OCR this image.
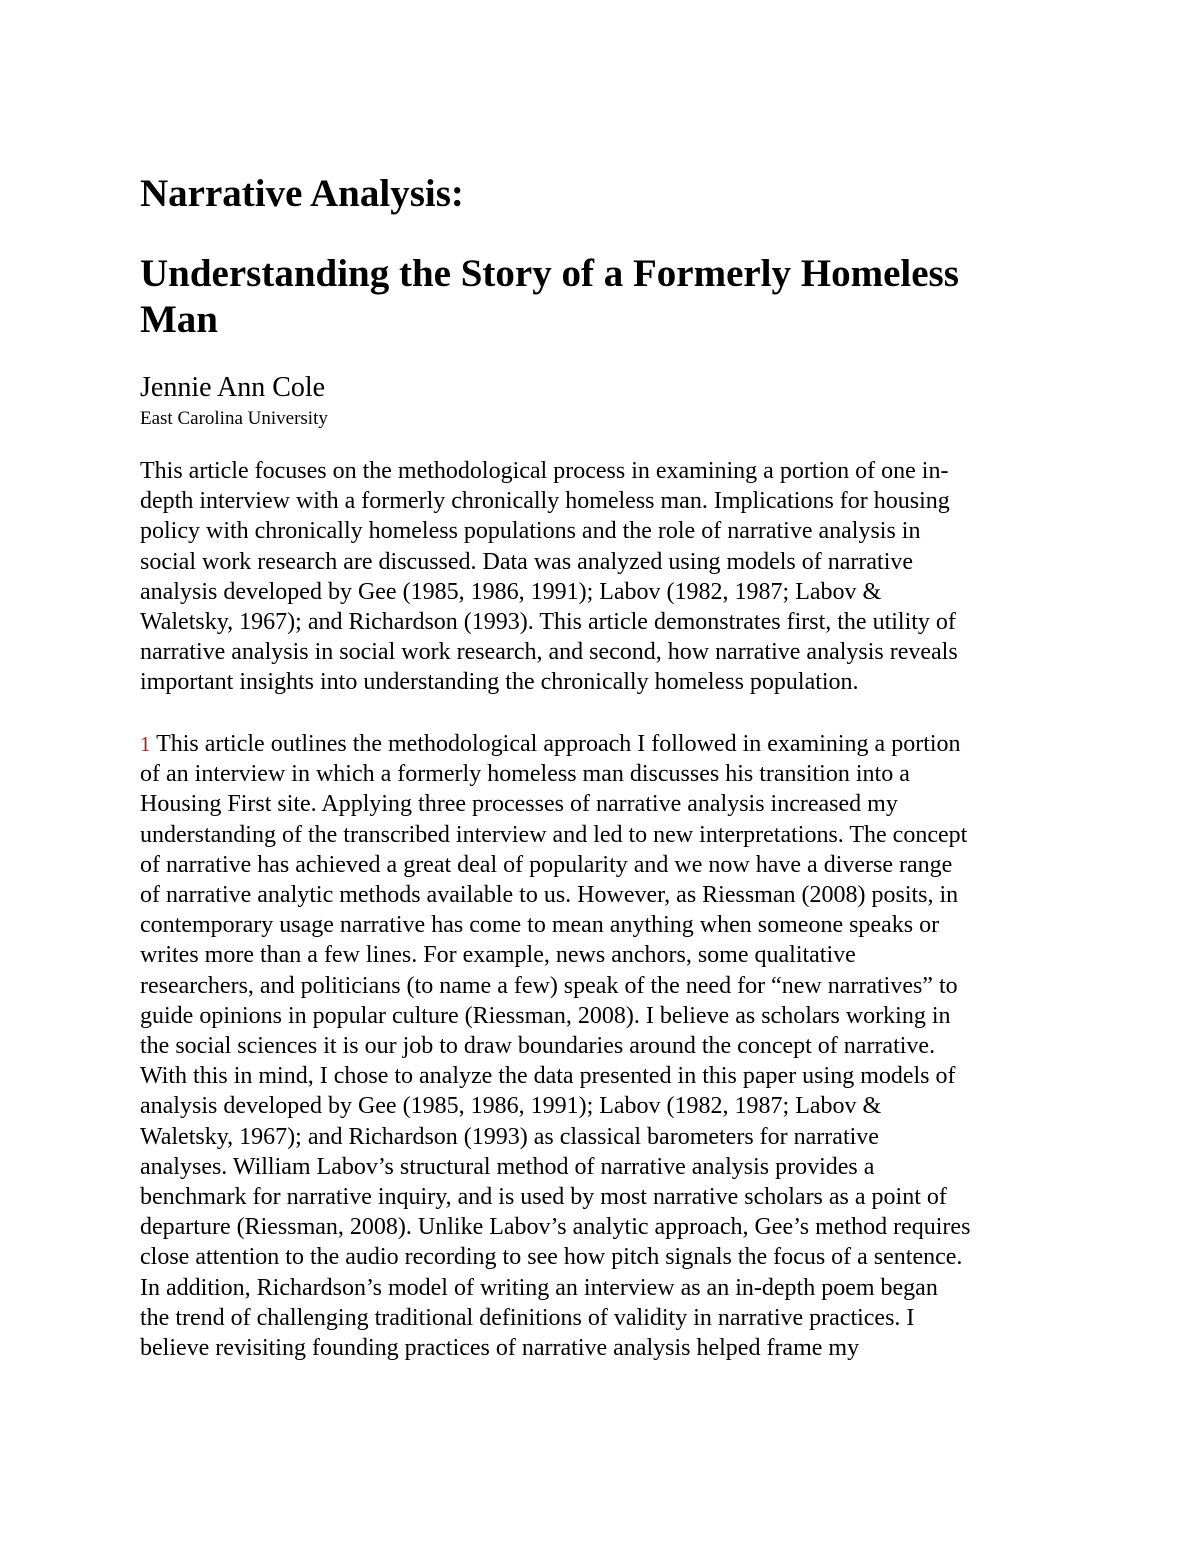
Narrative Analysis:
Understanding the Story of a Formerly Homeless
Man
Jennie Ann Cole
East Carolina University
This article focuses on the methodological process in examining a portion of one in-
depth interview with a formerly chronically homeless man. Implications for housing
policy with chronically homeless populations and the role of narrative analysis in
social work research are discussed. Data was analyzed using models of narrative
analysis developed by Gee (1985, 1986, 1991); Labov (1982, 1987; Labov &
Waletsky, 1967); and Richardson (1993). This article demonstrates first, the utility of
narrative analysis in social work research, and second, how narrative analysis reveals
important insights into understanding the chronically homeless population.
1 This article outlines the methodological approach I followed in examining a portion
of an interview in which a formerly homeless man discusses his transition into a
Housing First site. Applying three processes of narrative analysis increased my
understanding of the transcribed interview and led to new interpretations. The concept
of narrative has achieved a great deal of popularity and we now have a diverse range
of narrative analytic methods available to us. However, as Riessman (2008) posits, in
contemporary usage narrative has come to mean anything when someone speaks or
writes more than a few lines. For example, news anchors, some qualitative
researchers, and politicians (to name a few) speak of the need for “new narratives” to
guide opinions in popular culture (Riessman, 2008). I believe as scholars working in
the social sciences it is our job to draw boundaries around the concept of narrative.
With this in mind, I chose to analyze the data presented in this paper using models of
analysis developed by Gee (1985, 1986, 1991); Labov (1982, 1987; Labov &
Waletsky, 1967); and Richardson (1993) as classical barometers for narrative
analyses. William Labov’s structural method of narrative analysis provides a
benchmark for narrative inquiry, and is used by most narrative scholars as a point of
departure (Riessman, 2008). Unlike Labov’s analytic approach, Gee’s method requires
close attention to the audio recording to see how pitch signals the focus of a sentence.
In addition, Richardson’s model of writing an interview as an in-depth poem began
the trend of challenging traditional definitions of validity in narrative practices. I
believe revisiting founding practices of narrative analysis helped frame my
